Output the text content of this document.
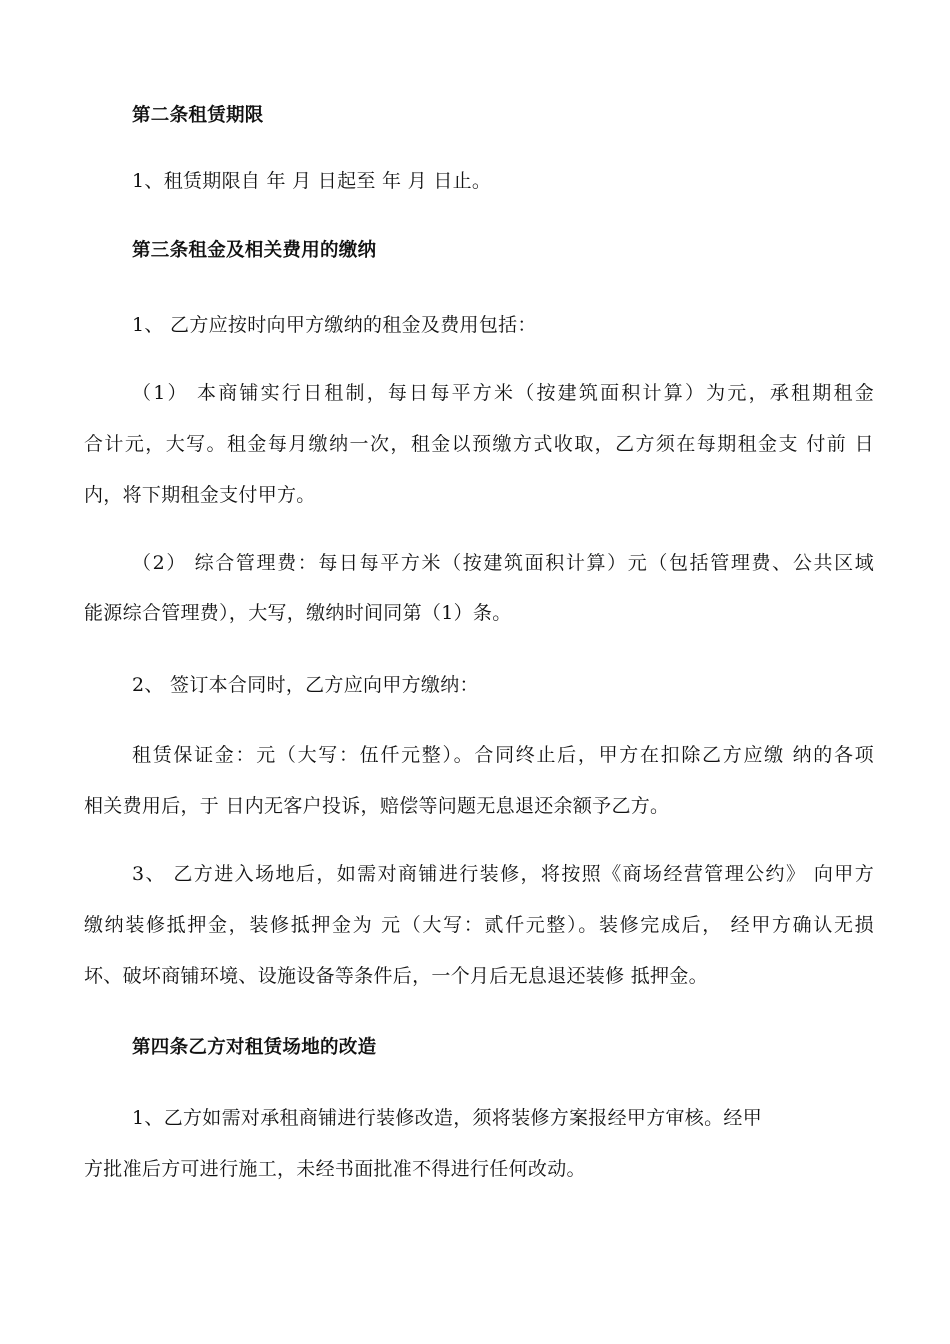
第二条租赁期限
1、租赁期限自 年 月 日起至 年 月 日止。
第三条租金及相关费用的缴纳
1、 乙方应按时向甲方缴纳的租金及费用包括：
（1） 本商铺实行日租制，每日每平方米（按建筑面积计算）为元，承租期租金
合计元，大写。租金每月缴纳一次，租金以预缴方式收取，乙方须在每期租金支 付前 日
内，将下期租金支付甲方。
（2） 综合管理费：每日每平方米（按建筑面积计算）元（包括管理费、公共区域
能源综合管理费），大写，缴纳时间同第（1）条。
2、 签订本合同时，乙方应向甲方缴纳：
租赁保证金：元（大写：伍仟元整）。合同终止后，甲方在扣除乙方应缴 纳的各项
相关费用后，于 日内无客户投诉，赔偿等问题无息退还余额予乙方。
3、 乙方进入场地后，如需对商铺进行装修，将按照《商场经营管理公约》 向甲方
缴纳装修抵押金，装修抵押金为 元（大写：贰仟元整）。装修完成后， 经甲方确认无损
坏、破坏商铺环境、设施设备等条件后，一个月后无息退还装修 抵押金。
第四条乙方对租赁场地的改造
1、乙方如需对承租商铺进行装修改造，须将装修方案报经甲方审核。经甲
方批准后方可进行施工，未经书面批准不得进行任何改动。
